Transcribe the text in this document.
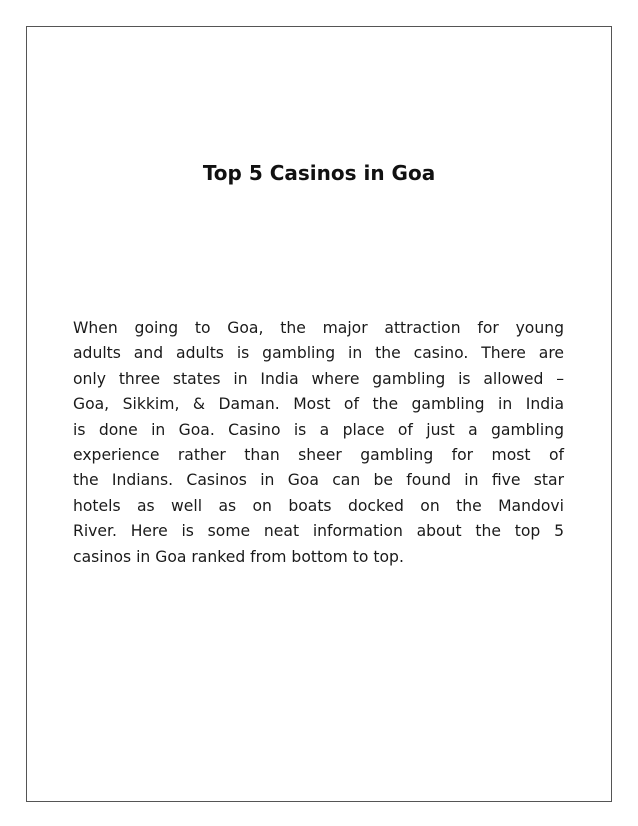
Top 5 Casinos in Goa

When going to Goa, the major attraction for young
adults and adults is gambling in the casino. There are
only three states in India where gambling is allowed –
Goa, Sikkim, & Daman. Most of the gambling in India
is done in Goa. Casino is a place of just a gambling
experience rather than sheer gambling for most of
the Indians. Casinos in Goa can be found in five star
hotels as well as on boats docked on the Mandovi
River. Here is some neat information about the top 5
casinos in Goa ranked from bottom to top.
